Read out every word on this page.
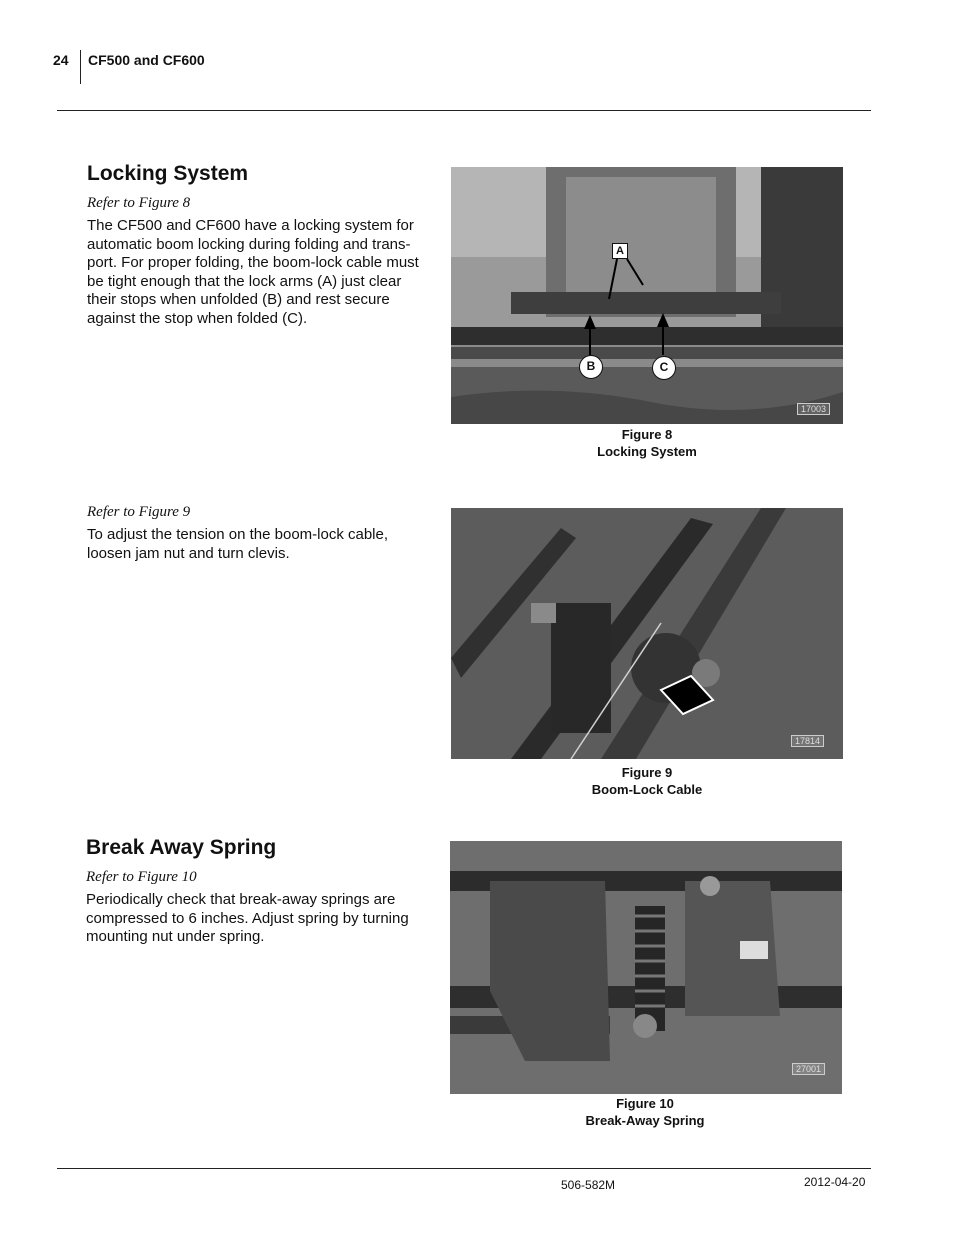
24 CF500 and CF600
Locking System
Refer to Figure 8
The CF500 and CF600 have a locking system for automatic boom locking during folding and trans-port. For proper folding, the boom-lock cable must be tight enough that the lock arms (A) just clear their stops when unfolded (B) and rest secure against the stop when folded (C).
A
B	C
17003
Figure 8
Locking System
Refer to Figure 9
To adjust the tension on the boom-lock cable, loosen jam nut and turn clevis.
17814
Figure 9
Boom-Lock Cable
Break Away Spring
Refer to Figure 10
Periodically check that break-away springs are compressed to 6 inches. Adjust spring by turning mounting nut under spring.
27001
Figure 10
Break-Away Spring
506-582M	2012-04-20
